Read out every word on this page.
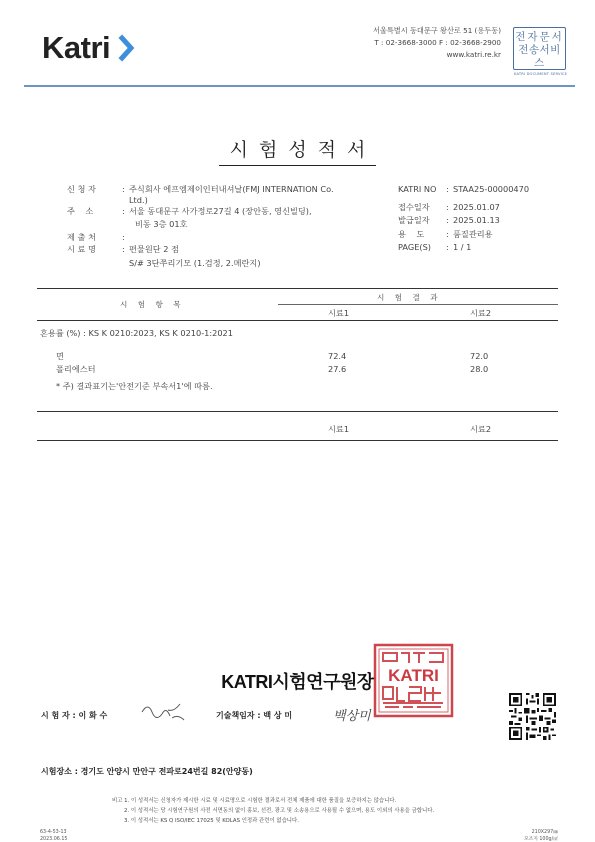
Katri	서울특별시 동대문구 왕산로 51 (용두동)
T : 02-3668-3000 F : 02-3668-2900
www.katri.re.kr
전자문서
전송서비스
KATRI DOCUMENT SERVICE
시험성적서
신 청 자	: 주식회사 에프엠제이인터내셔날(FMJ INTERNATION Co.
Ltd.)
주    소	: 서울 동대문구 사가정로27길 4 (장안동, 영신빌딩),
비동 3층 01호
제 출 처	:
시 료 명	: 편물원단 2 점
S/# 3단쭈리기모 (1.검정, 2.메란지)
KATRI NO : STAA25-00000470
접수일자 : 2025.01.07
발급일자 : 2025.01.13
용    도	: 품질관리용
PAGE(S) : 1 / 1
시 험 항 목
시 험 결 과
시료1	시료2
혼용률 (%) : KS K 0210:2023, KS K 0210-1:2021
면	72.4	72.0
폴리에스터	27.6	28.0
* 주) 결과표기는'안전기준 부속서1'에 따름.
시료1	시료2
KATRI시험연구원장 KATRI
시 험 자 : 이 화 수	기술책임자 : 백 상 미	백상미
시험장소 : 경기도 안양시 만안구 전파로24번길 82(안양동)
비고 1. 이 성적서는 신청자가 제시한 시료 및 시료명으로 시험한 결과로서 전체 제품에 대한 품질을 보증하지는 않습니다.
2. 이 성적서는 당 시험연구원의 사전 서면동의 없이 홍보, 선전, 광고 및 소송용으로 사용될 수 없으며, 용도 이외의 사용을 금합니다.
3. 이 성적서는 KS Q ISO/IEC 17025 및 KOLAS 인정과 관련이 없습니다.
63-4-53-13
2023.06.15
210X297㎜
모조지 100g/㎡
